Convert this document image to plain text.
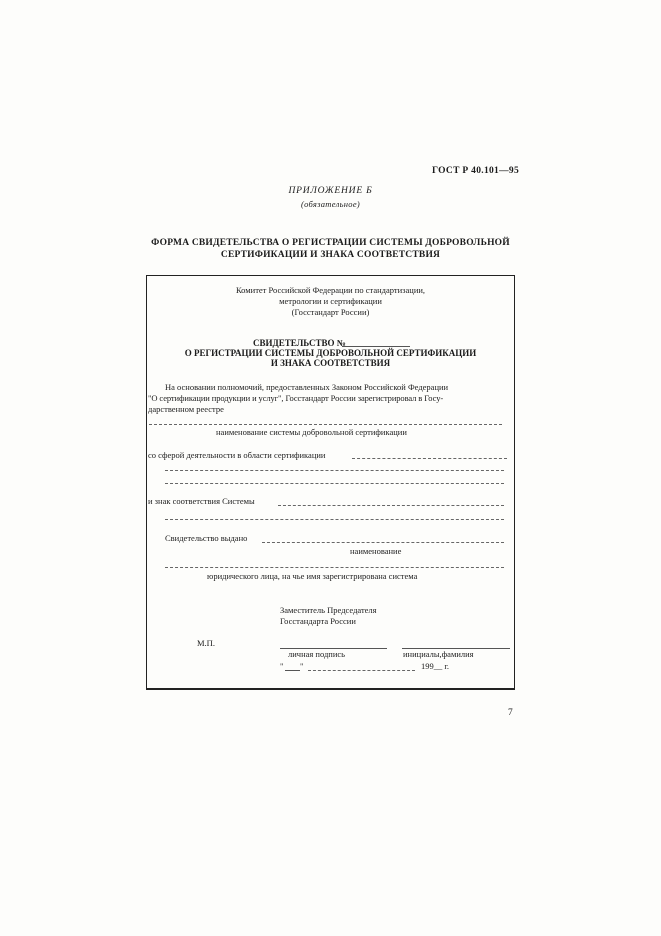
ГОСТ Р 40.101—95
ПРИЛОЖЕНИЕ Б
(обязательное)
ФОРМА СВИДЕТЕЛЬСТВА О РЕГИСТРАЦИИ СИСТЕМЫ ДОБРОВОЛЬНОЙ
СЕРТИФИКАЦИИ И ЗНАКА СООТВЕТСТВИЯ
Комитет Российской Федерации по стандартизации,
метрологии и сертификации
(Госстандарт России)
СВИДЕТЕЛЬСТВО №
О РЕГИСТРАЦИИ СИСТЕМЫ ДОБРОВОЛЬНОЙ СЕРТИФИКАЦИИ
И ЗНАКА СООТВЕТСТВИЯ
На основании полномочий, предоставленных Законом Российской Федерации
"О сертификации продукции и услуг", Госстандарт России зарегистрировал в Госу-
дарственном реестре
наименование системы добровольной сертификации
со сферой деятельности в области сертификации
и знак соответствия Системы
Свидетельство выдано
наименование
юридического лица, на чье имя зарегистрирована система
Заместитель Председателя
Госстандарта России
М.П.
личная подпись	инициалы,фамилия
" "	199__ г.
7
